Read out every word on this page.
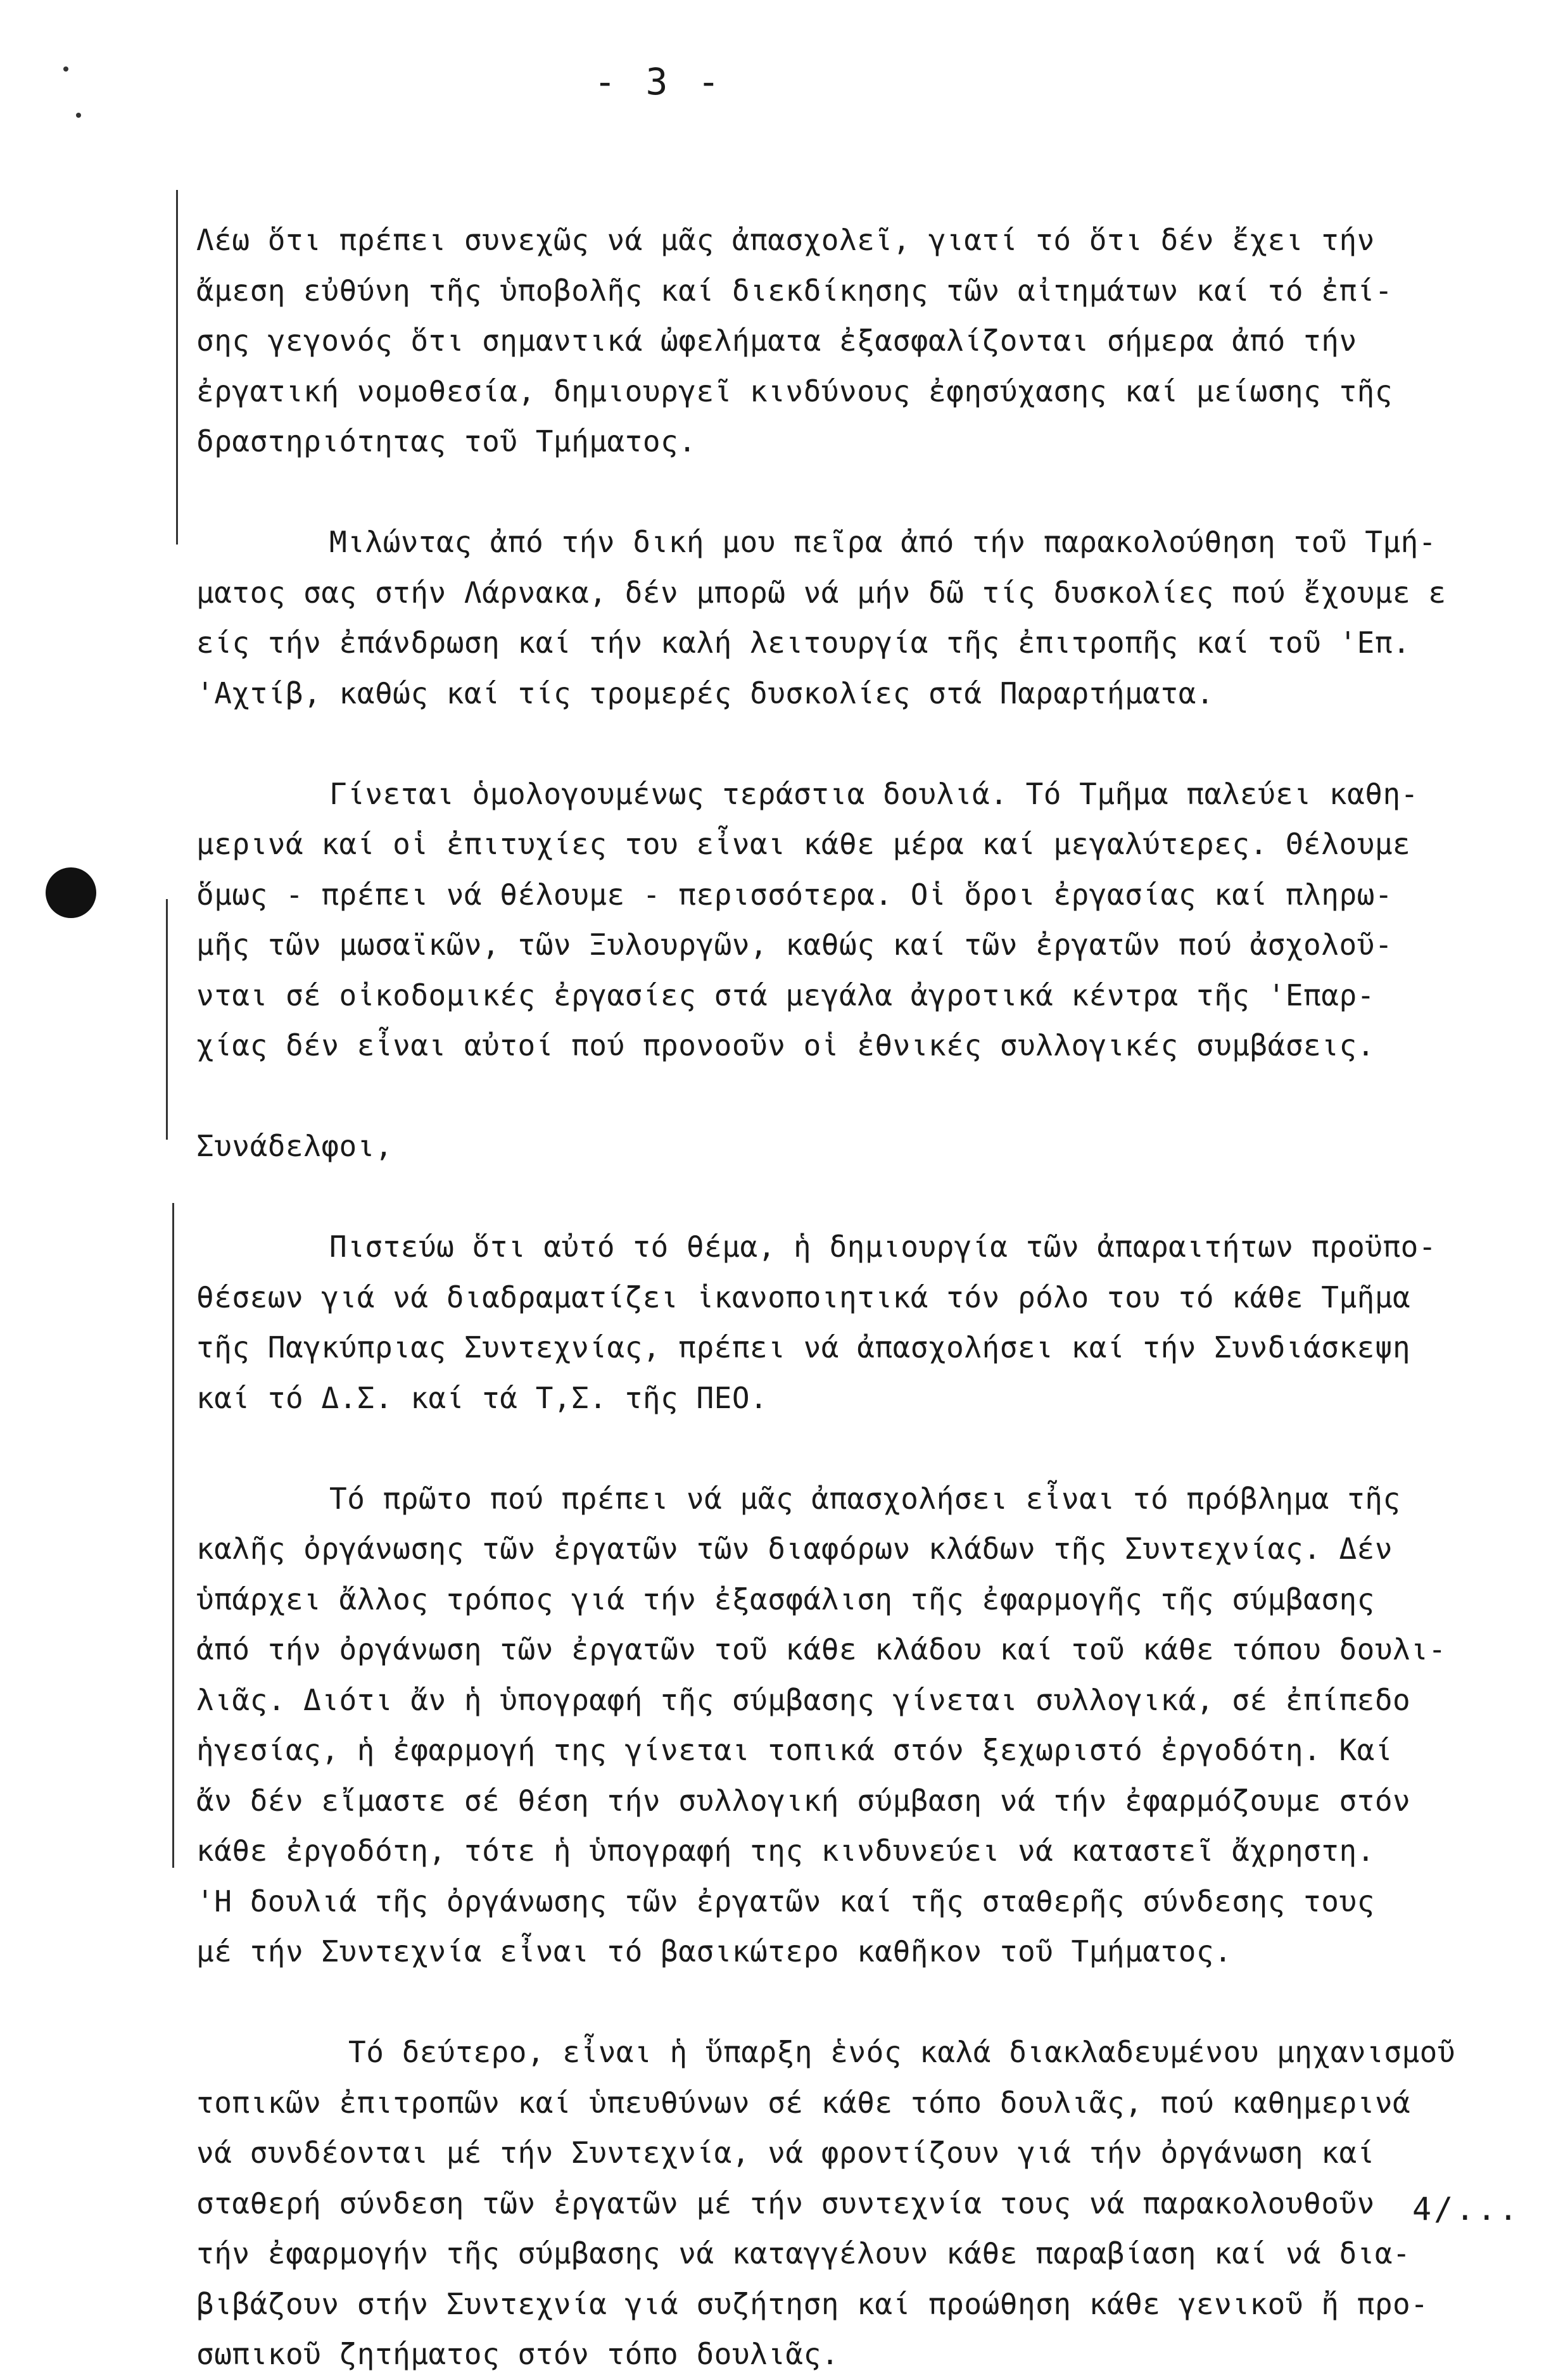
- 3 -
Λέω ὅτι πρέπει συνεχῶς νά μᾶς ἀπασχολεῖ, γιατί τό ὅτι δέν ἔχει τήν
ἄμεση εὐθύνη τῆς ὑποβολῆς καί διεκδίκησης τῶν αἰτημάτων καί τό ἐπί-
σης γεγονός ὅτι σημαντικά ὠφελήματα ἐξασφαλίζονται σήμερα ἀπό τήν
ἐργατική νομοθεσία, δημιουργεῖ κινδύνους ἐφησύχασης καί μείωσης τῆς
δραστηριότητας τοῦ Τμήματος.
Μιλώντας ἀπό τήν δική μου πεῖρα ἀπό τήν παρακολούθηση τοῦ Τμή-
ματος σας στήν Λάρνακα, δέν μπορῶ νά μήν δῶ τίς δυσκολίες πού ἔχουμε ε
είς τήν ἐπάνδρωση καί τήν καλή λειτουργία τῆς ἐπιτροπῆς καί τοῦ 'Επ.
'Αχτίβ, καθώς καί τίς τρομερές δυσκολίες στά Παραρτήματα.
Γίνεται ὁμολογουμένως τεράστια δουλιά. Τό Τμῆμα παλεύει καθη-
μερινά καί οἱ ἐπιτυχίες του εἶναι κάθε μέρα καί μεγαλύτερες. Θέλουμε
ὅμως - πρέπει νά θέλουμε - περισσότερα. Οἱ ὅροι ἐργασίας καί πληρω-
μῆς τῶν μωσαϊκῶν, τῶν Ξυλουργῶν, καθώς καί τῶν ἐργατῶν πού ἀσχολοῦ-
νται σέ οἰκοδομικές ἐργασίες στά μεγάλα ἀγροτικά κέντρα τῆς 'Επαρ-
χίας δέν εἶναι αὐτοί πού προνοοῦν οἱ ἐθνικές συλλογικές συμβάσεις.
Συνάδελφοι,
Πιστεύω ὅτι αὐτό τό θέμα, ἡ δημιουργία τῶν ἀπαραιτήτων προϋπο-
θέσεων γιά νά διαδραματίζει ἱκανοποιητικά τόν ρόλο του τό κάθε Τμῆμα
τῆς Παγκύπριας Συντεχνίας, πρέπει νά ἀπασχολήσει καί τήν Συνδιάσκεψη
καί τό Δ.Σ. καί τά Τ,Σ. τῆς ΠΕΟ.
Τό πρῶτο πού πρέπει νά μᾶς ἀπασχολήσει εἶναι τό πρόβλημα τῆς
καλῆς ὀργάνωσης τῶν ἐργατῶν τῶν διαφόρων κλάδων τῆς Συντεχνίας. Δέν
ὑπάρχει ἄλλος τρόπος γιά τήν ἐξασφάλιση τῆς ἐφαρμογῆς τῆς σύμβασης
ἀπό τήν ὀργάνωση τῶν ἐργατῶν τοῦ κάθε κλάδου καί τοῦ κάθε τόπου δουλι-
λιᾶς. Διότι ἄν ἡ ὑπογραφή τῆς σύμβασης γίνεται συλλογικά, σέ ἐπίπεδο
ἡγεσίας, ἡ ἐφαρμογή της γίνεται τοπικά στόν ξεχωριστό ἐργοδότη. Καί
ἄν δέν εἴμαστε σέ θέση τήν συλλογική σύμβαση νά τήν ἐφαρμόζουμε στόν
κάθε ἐργοδότη, τότε ἡ ὑπογραφή της κινδυνεύει νά καταστεῖ ἄχρηστη.
'Η δουλιά τῆς ὀργάνωσης τῶν ἐργατῶν καί τῆς σταθερῆς σύνδεσης τους
μέ τήν Συντεχνία εἶναι τό βασικώτερο καθῆκον τοῦ Τμήματος.
Τό δεύτερο, εἶναι ἡ ὕπαρξη ἑνός καλά διακλαδευμένου μηχανισμοῦ
τοπικῶν ἐπιτροπῶν καί ὑπευθύνων σέ κάθε τόπο δουλιᾶς, πού καθημερινά
νά συνδέονται μέ τήν Συντεχνία, νά φροντίζουν γιά τήν ὀργάνωση καί
σταθερή σύνδεση τῶν ἐργατῶν μέ τήν συντεχνία τους νά παρακολουθοῦν
τήν ἐφαρμογήν τῆς σύμβασης νά καταγγέλουν κάθε παραβίαση καί νά δια-
βιβάζουν στήν Συντεχνία γιά συζήτηση καί προώθηση κάθε γενικοῦ ἤ προ-
σωπικοῦ ζητήματος στόν τόπο δουλιᾶς.
4/...
